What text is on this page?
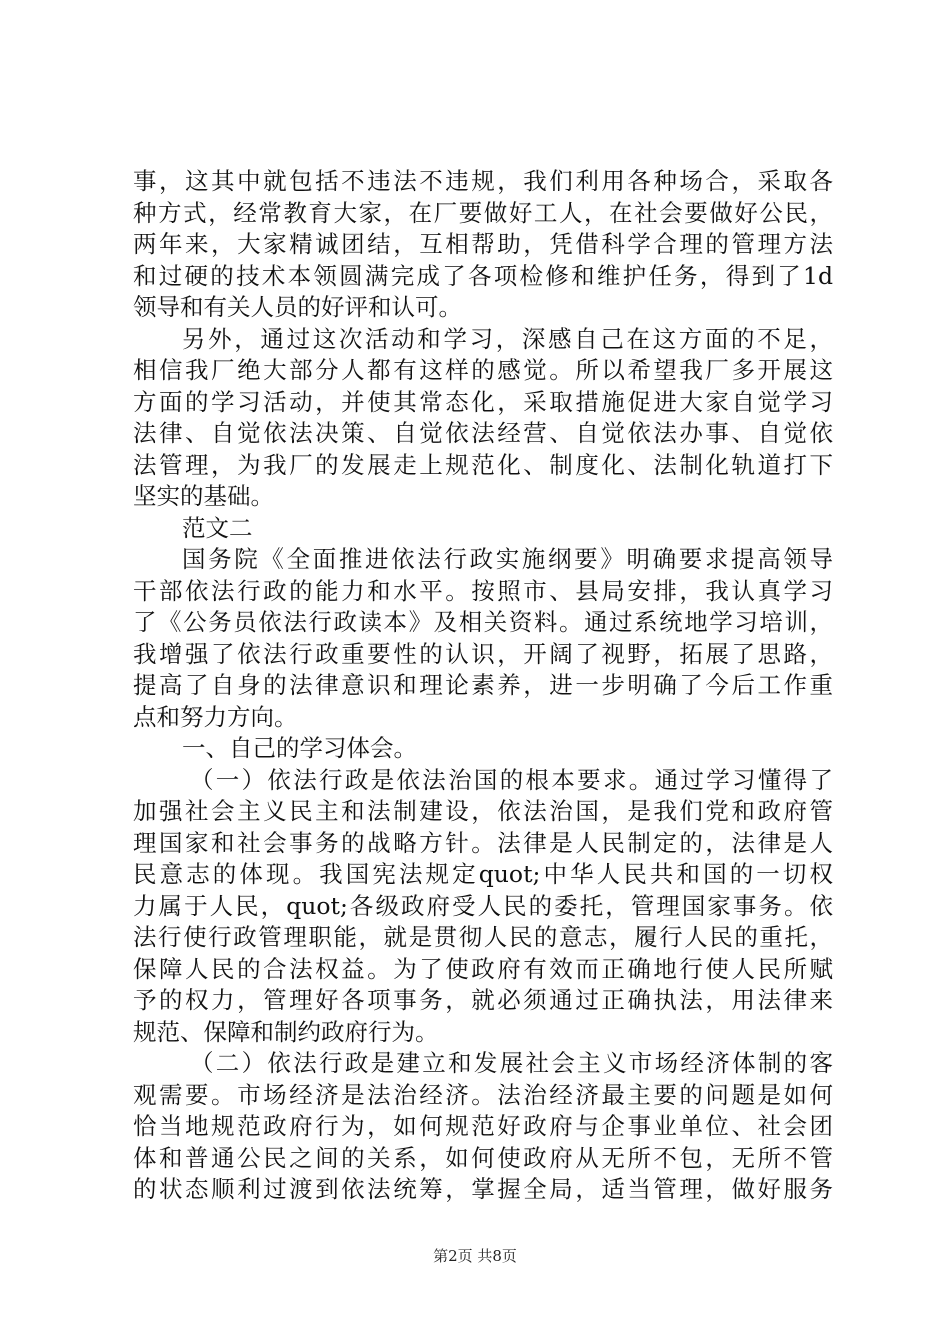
事，这其中就包括不违法不违规，我们利用各种场合，采取各
种方式，经常教育大家，在厂要做好工人，在社会要做好公民，
两年来，大家精诚团结，互相帮助，凭借科学合理的管理方法
和过硬的技术本领圆满完成了各项检修和维护任务，得到了1d
领导和有关人员的好评和认可。
另外，通过这次活动和学习，深感自己在这方面的不足，
相信我厂绝大部分人都有这样的感觉。所以希望我厂多开展这
方面的学习活动，并使其常态化，采取措施促进大家自觉学习
法律、自觉依法决策、自觉依法经营、自觉依法办事、自觉依
法管理，为我厂的发展走上规范化、制度化、法制化轨道打下
坚实的基础。
范文二
国务院《全面推进依法行政实施纲要》明确要求提高领导
干部依法行政的能力和水平。按照市、县局安排，我认真学习
了《公务员依法行政读本》及相关资料。通过系统地学习培训，
我增强了依法行政重要性的认识，开阔了视野，拓展了思路，
提高了自身的法律意识和理论素养，进一步明确了今后工作重
点和努力方向。
一、自己的学习体会。
（一）依法行政是依法治国的根本要求。通过学习懂得了
加强社会主义民主和法制建设，依法治国，是我们党和政府管
理国家和社会事务的战略方针。法律是人民制定的，法律是人
民意志的体现。我国宪法规定quot;中华人民共和国的一切权
力属于人民，quot;各级政府受人民的委托，管理国家事务。依
法行使行政管理职能，就是贯彻人民的意志，履行人民的重托，
保障人民的合法权益。为了使政府有效而正确地行使人民所赋
予的权力，管理好各项事务，就必须通过正确执法，用法律来
规范、保障和制约政府行为。
（二）依法行政是建立和发展社会主义市场经济体制的客
观需要。市场经济是法治经济。法治经济最主要的问题是如何
恰当地规范政府行为，如何规范好政府与企事业单位、社会团
体和普通公民之间的关系，如何使政府从无所不包，无所不管
的状态顺利过渡到依法统筹，掌握全局，适当管理，做好服务
第2页 共8页
